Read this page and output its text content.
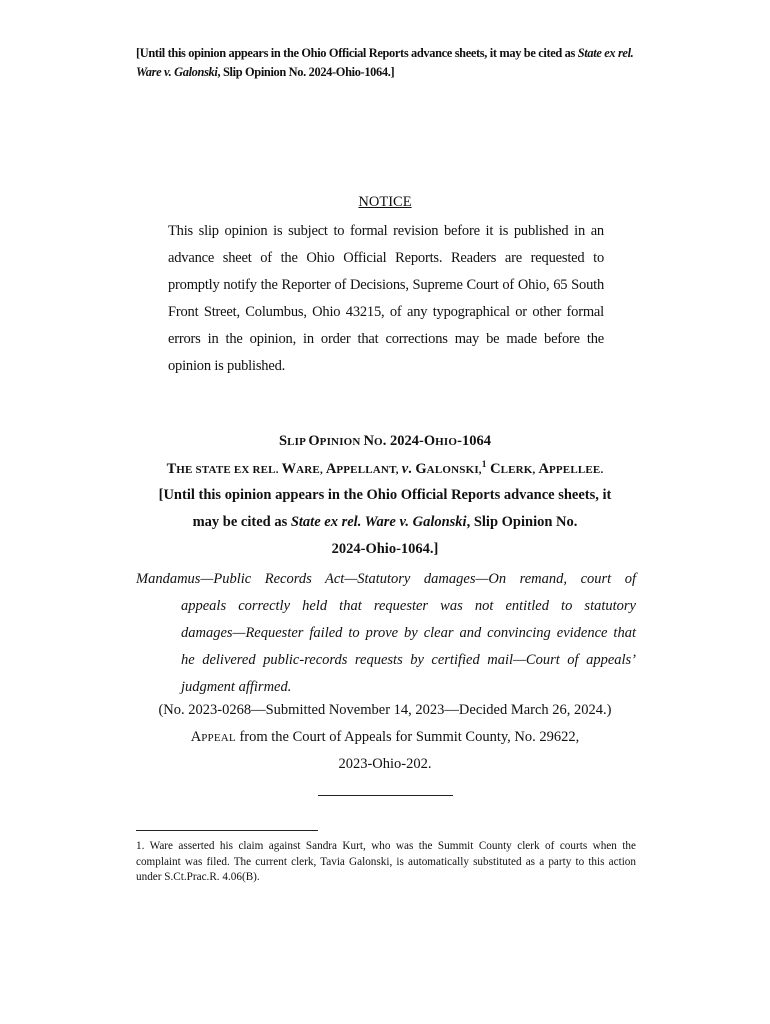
[Until this opinion appears in the Ohio Official Reports advance sheets, it may be cited as State ex rel. Ware v. Galonski, Slip Opinion No. 2024-Ohio-1064.]
NOTICE
This slip opinion is subject to formal revision before it is published in an advance sheet of the Ohio Official Reports. Readers are requested to promptly notify the Reporter of Decisions, Supreme Court of Ohio, 65 South Front Street, Columbus, Ohio 43215, of any typographical or other formal errors in the opinion, in order that corrections may be made before the opinion is published.
SLIP OPINION NO. 2024-OHIO-1064
THE STATE EX REL. WARE, APPELLANT, v. GALONSKI,$^1$ CLERK, APPELLEE.
[Until this opinion appears in the Ohio Official Reports advance sheets, it
may be cited as State ex rel. Ware v. Galonski, Slip Opinion No.
2024-Ohio-1064.]
Mandamus—Public Records Act—Statutory damages—On remand, court of
appeals correctly held that requester was not entitled to statutory
damages—Requester failed to prove by clear and convincing evidence that
he delivered public-records requests by certified mail—Court of appeals’
judgment affirmed.
(No. 2023-0268—Submitted November 14, 2023—Decided March 26, 2024.)
APPEAL from the Court of Appeals for Summit County, No. 29622,
2023-Ohio-202.
1. Ware asserted his claim against Sandra Kurt, who was the Summit County clerk of courts when the complaint was filed. The current clerk, Tavia Galonski, is automatically substituted as a party to this action under S.Ct.Prac.R. 4.06(B).
